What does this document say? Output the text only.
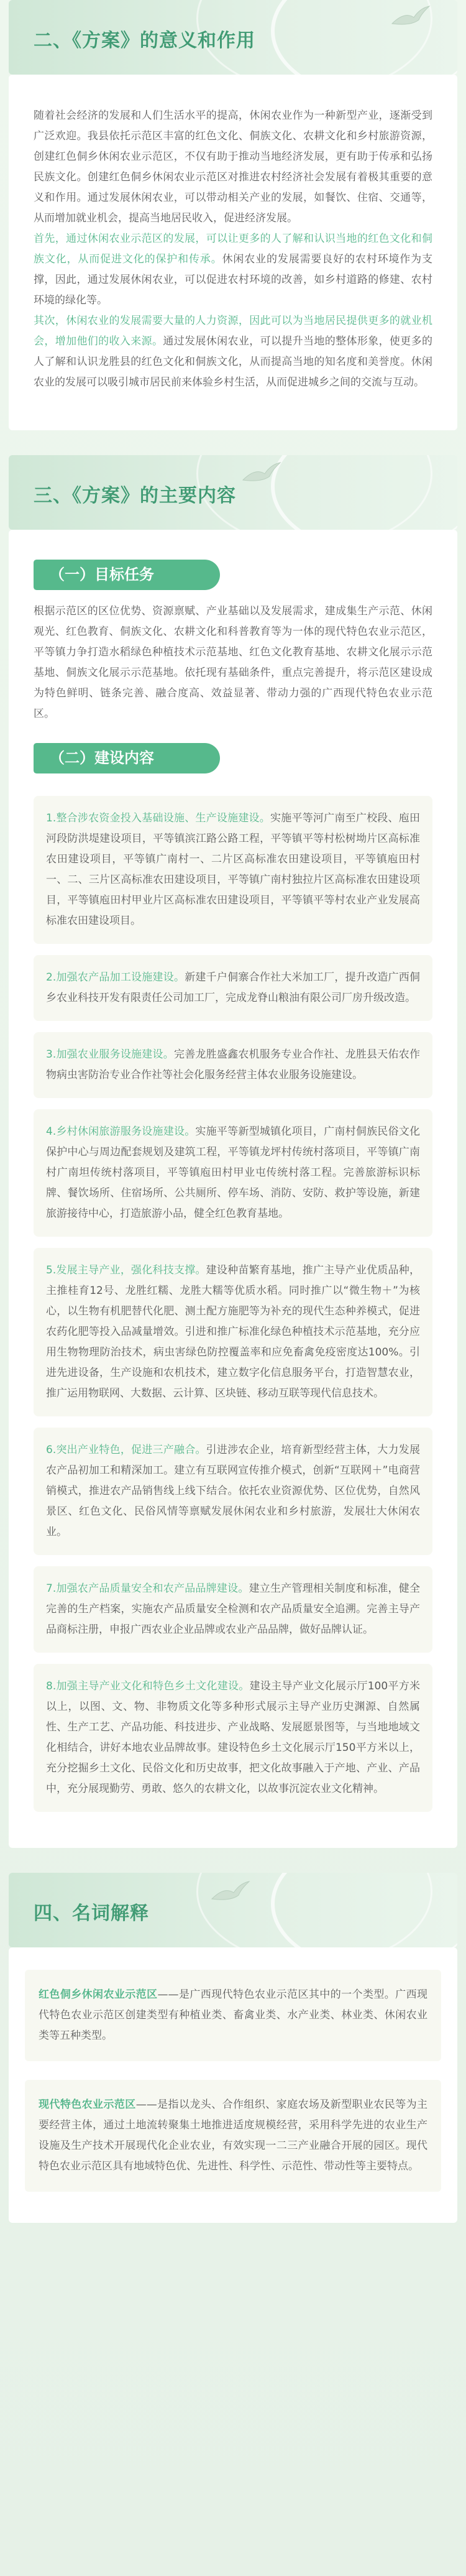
二、《方案》的意义和作用

随着社会经济的发展和人们生活水平的提高，休闲农业作为一种新型产业，逐渐受到广泛欢迎。我县依托示范区丰富的红色文化、侗族文化、农耕文化和乡村旅游资源，创建红色侗乡休闲农业示范区，不仅有助于推动当地经济发展，更有助于传承和弘扬民族文化。创建红色侗乡休闲农业示范区对推进农村经济社会发展有着极其重要的意义和作用。通过发展休闲农业，可以带动相关产业的发展，如餐饮、住宿、交通等，从而增加就业机会，提高当地居民收入，促进经济发展。

首先，通过休闲农业示范区的发展，可以让更多的人了解和认识当地的红色文化和侗族文化，从而促进文化的保护和传承。休闲农业的发展需要良好的农村环境作为支撑，因此，通过发展休闲农业，可以促进农村环境的改善，如乡村道路的修建、农村环境的绿化等。

其次，休闲农业的发展需要大量的人力资源，因此可以为当地居民提供更多的就业机会，增加他们的收入来源。通过发展休闲农业，可以提升当地的整体形象，使更多的人了解和认识龙胜县的红色文化和侗族文化，从而提高当地的知名度和美誉度。休闲农业的发展可以吸引城市居民前来体验乡村生活，从而促进城乡之间的交流与互动。

三、《方案》的主要内容
（一）目标任务

根据示范区的区位优势、资源禀赋、产业基础以及发展需求，建成集生产示范、休闲观光、红色教育、侗族文化、农耕文化和科普教育等为一体的现代特色农业示范区，平等镇力争打造水稻绿色种植技术示范基地、红色文化教育基地、农耕文化展示示范基地、侗族文化展示示范基地。依托现有基础条件，重点完善提升，将示范区建设成为特色鲜明、链条完善、融合度高、效益显著、带动力强的广西现代特色农业示范区。

（二）建设内容
1.整合涉农资金投入基础设施、生产设施建设。实施平等河广南至广校段、庖田河段防洪堤建设项目，平等镇滨江路公路工程，平等镇平等村松树坳片区高标准农田建设项目，平等镇广南村一、二片区高标准农田建设项目，平等镇庖田村一、二、三片区高标准农田建设项目，平等镇广南村独拉片区高标准农田建设项目，平等镇庖田村甲业片区高标准农田建设项目，平等镇平等村农业产业发展高标准农田建设项目。
2.加强农产品加工设施建设。新建千户侗寨合作社大米加工厂，提升改造广西侗乡农业科技开发有限责任公司加工厂，完成龙脊山粮油有限公司厂房升级改造。
3.加强农业服务设施建设。完善龙胜盛鑫农机服务专业合作社、龙胜县天佑农作物病虫害防治专业合作社等社会化服务经营主体农业服务设施建设。
4.乡村休闲旅游服务设施建设。实施平等新型城镇化项目，广南村侗族民俗文化保护中心与周边配套规划及建筑工程，平等镇龙坪村传统村落项目，平等镇广南村广南坦传统村落项目，平等镇庖田村甲业屯传统村落工程。完善旅游标识标牌、餐饮场所、住宿场所、公共厕所、停车场、消防、安防、救护等设施，新建旅游接待中心，打造旅游小品，健全红色教育基地。
5.发展主导产业，强化科技支撑。建设种苗繁育基地，推广主导产业优质品种，主推桂育12号、龙胜红糯、龙胜大糯等优质水稻。同时推广以“微生物＋”为核心，以生物有机肥替代化肥、测土配方施肥等为补充的现代生态种养模式，促进农药化肥等投入品减量增效。引进和推广标准化绿色种植技术示范基地，充分应用生物物理防治技术，病虫害绿色防控覆盖率和应免畜禽免疫密度达100%。引进先进设备，生产设施和农机技术，建立数字化信息服务平台，打造智慧农业，推广运用物联网、大数据、云计算、区块链、移动互联等现代信息技术。
6.突出产业特色，促进三产融合。引进涉农企业，培育新型经营主体，大力发展农产品初加工和精深加工。建立有互联网宣传推介模式，创新“互联网＋”电商营销模式，推进农产品销售线上线下结合。依托农业资源优势、区位优势，自然风景区、红色文化、民俗风情等禀赋发展休闲农业和乡村旅游，发展壮大休闲农业。
7.加强农产品质量安全和农产品品牌建设。建立生产管理相关制度和标准，健全完善的生产档案，实施农产品质量安全检测和农产品质量安全追溯。完善主导产品商标注册，申报广西农业企业品牌或农业产品品牌，做好品牌认证。
8.加强主导产业文化和特色乡土文化建设。建设主导产业文化展示厅100平方米以上，以图、文、物、非物质文化等多种形式展示主导产业历史渊源、自然属性、生产工艺、产品功能、科技进步、产业战略、发展愿景图等，与当地地域文化相结合，讲好本地农业品牌故事。建设特色乡土文化展示厅150平方米以上，充分挖掘乡土文化、民俗文化和历史故事，把文化故事融入于产地、产业、产品中，充分展现勤劳、勇敢、悠久的农耕文化，以故事沉淀农业文化精神。
四、名词解释
红色侗乡休闲农业示范区——是广西现代特色农业示范区其中的一个类型。广西现代特色农业示范区创建类型有种植业类、畜禽业类、水产业类、林业类、休闲农业类等五种类型。
现代特色农业示范区——是指以龙头、合作组织、家庭农场及新型职业农民等为主要经营主体，通过土地流转聚集土地推进适度规模经营，采用科学先进的农业生产设施及生产技术开展现代化企业农业，有效实现一二三产业融合开展的园区。现代特色农业示范区具有地域特色优、先进性、科学性、示范性、带动性等主要特点。
